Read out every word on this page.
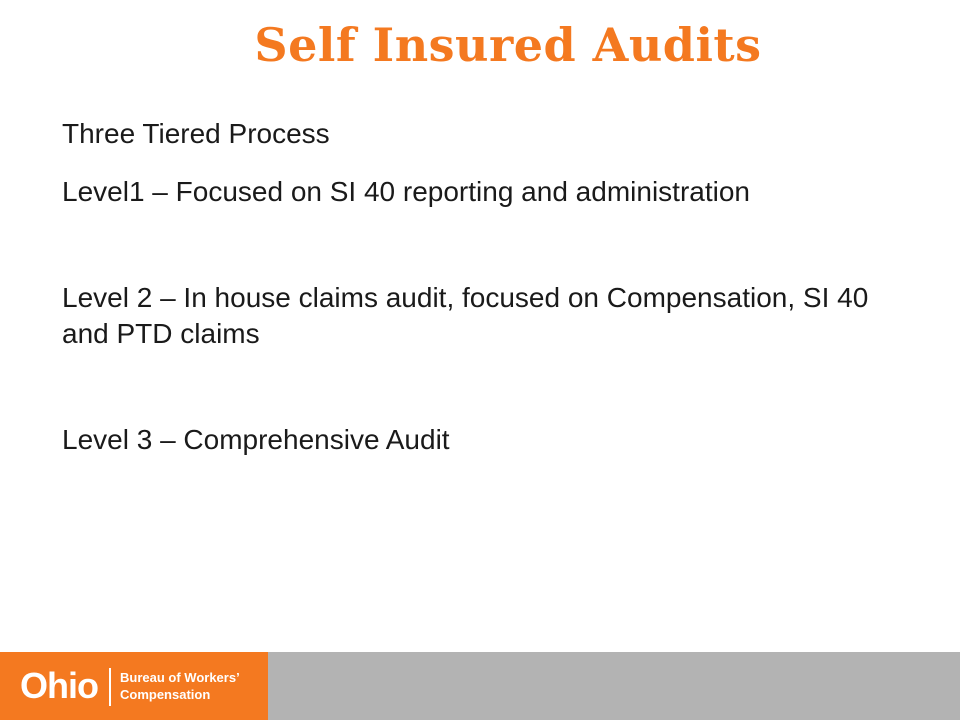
Self Insured Audits

Three Tiered Process

Level1 – Focused on SI 40 reporting and administration

Level 2 – In house claims audit, focused on Compensation, SI 40 and PTD claims

Level 3 – Comprehensive Audit

Ohio Bureau of Workers’
Compensation
